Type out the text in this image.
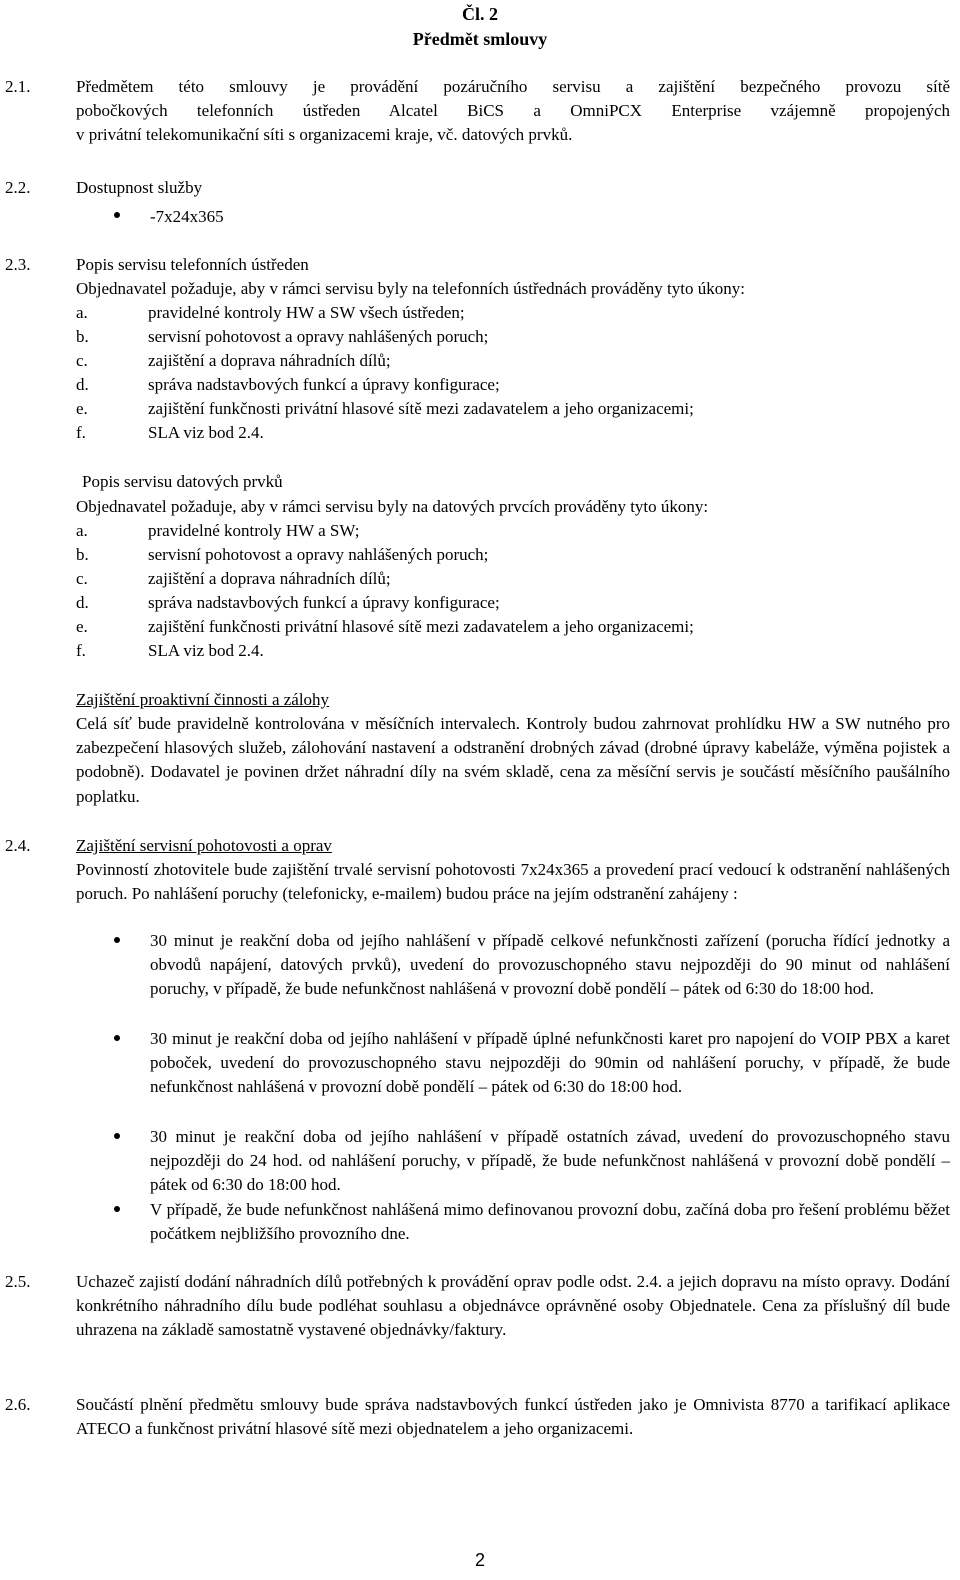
Čl. 2
Předmět smlouvy
2.1.	Předmětem této smlouvy je provádění pozáručního servisu a zajištění bezpečného provozu sítě
pobočkových telefonních ústředen Alcatel BiCS a OmniPCX Enterprise vzájemně propojených
v privátní telekomunikační síti s organizacemi kraje, vč. datových prvků.
2.2.	Dostupnost služby
-7x24x365
2.3.	Popis servisu telefonních ústředen
Objednavatel požaduje, aby v rámci servisu byly na telefonních ústřednách prováděny tyto úkony:
a.	pravidelné kontroly HW a SW všech ústředen;
b.	servisní pohotovost a opravy nahlášených poruch;
c.	zajištění a doprava náhradních dílů;
d.	správa nadstavbových funkcí a úpravy konfigurace;
e.	zajištění funkčnosti privátní hlasové sítě mezi zadavatelem a jeho organizacemi;
f.	SLA viz bod 2.4.
Popis servisu datových prvků
Objednavatel požaduje, aby v rámci servisu byly na datových prvcích prováděny tyto úkony:
a.	pravidelné kontroly HW a SW;
b.	servisní pohotovost a opravy nahlášených poruch;
c.	zajištění a doprava náhradních dílů;
d.	správa nadstavbových funkcí a úpravy konfigurace;
e.	zajištění funkčnosti privátní hlasové sítě mezi zadavatelem a jeho organizacemi;
f.	SLA viz bod 2.4.
Zajištění proaktivní činnosti a zálohy
Celá síť bude pravidelně kontrolována v měsíčních intervalech. Kontroly budou zahrnovat prohlídku HW a SW nutného pro zabezpečení hlasových služeb, zálohování nastavení a odstranění drobných závad (drobné úpravy kabeláže, výměna pojistek a podobně). Dodavatel je povinen držet náhradní díly na svém skladě, cena za měsíční servis je součástí měsíčního paušálního poplatku.
2.4.	Zajištění servisní pohotovosti a oprav
Povinností zhotovitele bude zajištění trvalé servisní pohotovosti 7x24x365 a provedení prací vedoucí k odstranění nahlášených poruch. Po nahlášení poruchy (telefonicky, e-mailem) budou práce na jejím odstranění zahájeny :
30 minut je reakční doba od jejího nahlášení v případě celkové nefunkčnosti zařízení (porucha řídící jednotky a obvodů napájení, datových prvků), uvedení do provozuschopného stavu nejpozději do 90 minut od nahlášení poruchy, v případě, že bude nefunkčnost nahlášená v provozní době pondělí – pátek od 6:30 do 18:00 hod.
30 minut je reakční doba od jejího nahlášení v případě úplné nefunkčnosti karet pro napojení do VOIP PBX a karet poboček, uvedení do provozuschopného stavu nejpozději do 90min od nahlášení poruchy, v případě, že bude nefunkčnost nahlášená v provozní době pondělí – pátek od 6:30 do 18:00 hod.
30 minut je reakční doba od jejího nahlášení v případě ostatních závad, uvedení do provozuschopného stavu nejpozději do 24 hod. od nahlášení poruchy, v případě, že bude nefunkčnost nahlášená v provozní době pondělí – pátek od 6:30 do 18:00 hod.
V případě, že bude nefunkčnost nahlášená mimo definovanou provozní dobu, začíná doba pro řešení problému běžet počátkem nejbližšího provozního dne.
2.5.	Uchazeč zajistí dodání náhradních dílů potřebných k provádění oprav podle odst. 2.4. a jejich dopravu na místo opravy. Dodání konkrétního náhradního dílu bude podléhat souhlasu a objednávce oprávněné osoby Objednatele. Cena za příslušný díl bude uhrazena na základě samostatně vystavené objednávky/faktury.
2.6.	Součástí plnění předmětu smlouvy bude správa nadstavbových funkcí ústředen jako je Omnivista 8770 a tarifikací aplikace ATECO a funkčnost privátní hlasové sítě mezi objednatelem a jeho organizacemi.
2
